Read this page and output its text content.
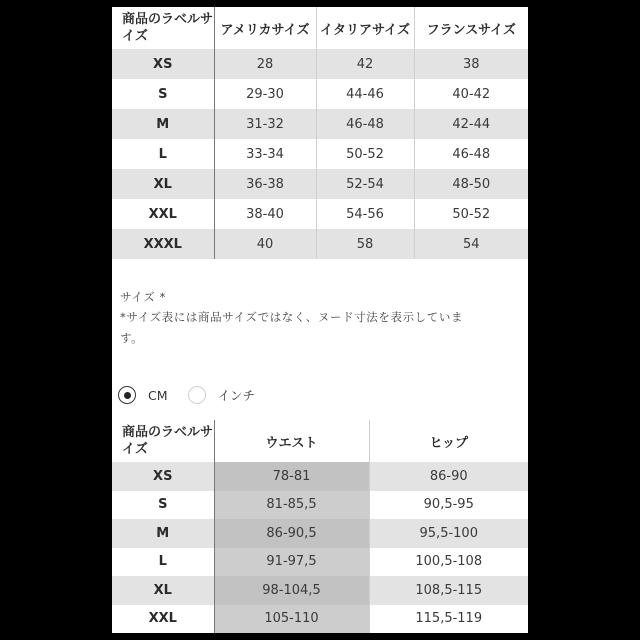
商品のラベルサイズ	アメリカサイズ	イタリアサイズ	フランスサイズ
XS	28	42	38
S	29-30	44-46	40-42
M	31-32	46-48	42-44
L	33-34	50-52	46-48
XL	36-38	52-54	48-50
XXL	38-40	54-56	50-52
XXXL	40	58	54
サイズ *
*サイズ表には商品サイズではなく、ヌード寸法を表示していま
す。
CM	インチ
商品のラベルサイズ	ウエスト	ヒップ
XS	78-81	86-90
S	81-85,5	90,5-95
M	86-90,5	95,5-100
L	91-97,5	100,5-108
XL	98-104,5	108,5-115
XXL	105-110	115,5-119
